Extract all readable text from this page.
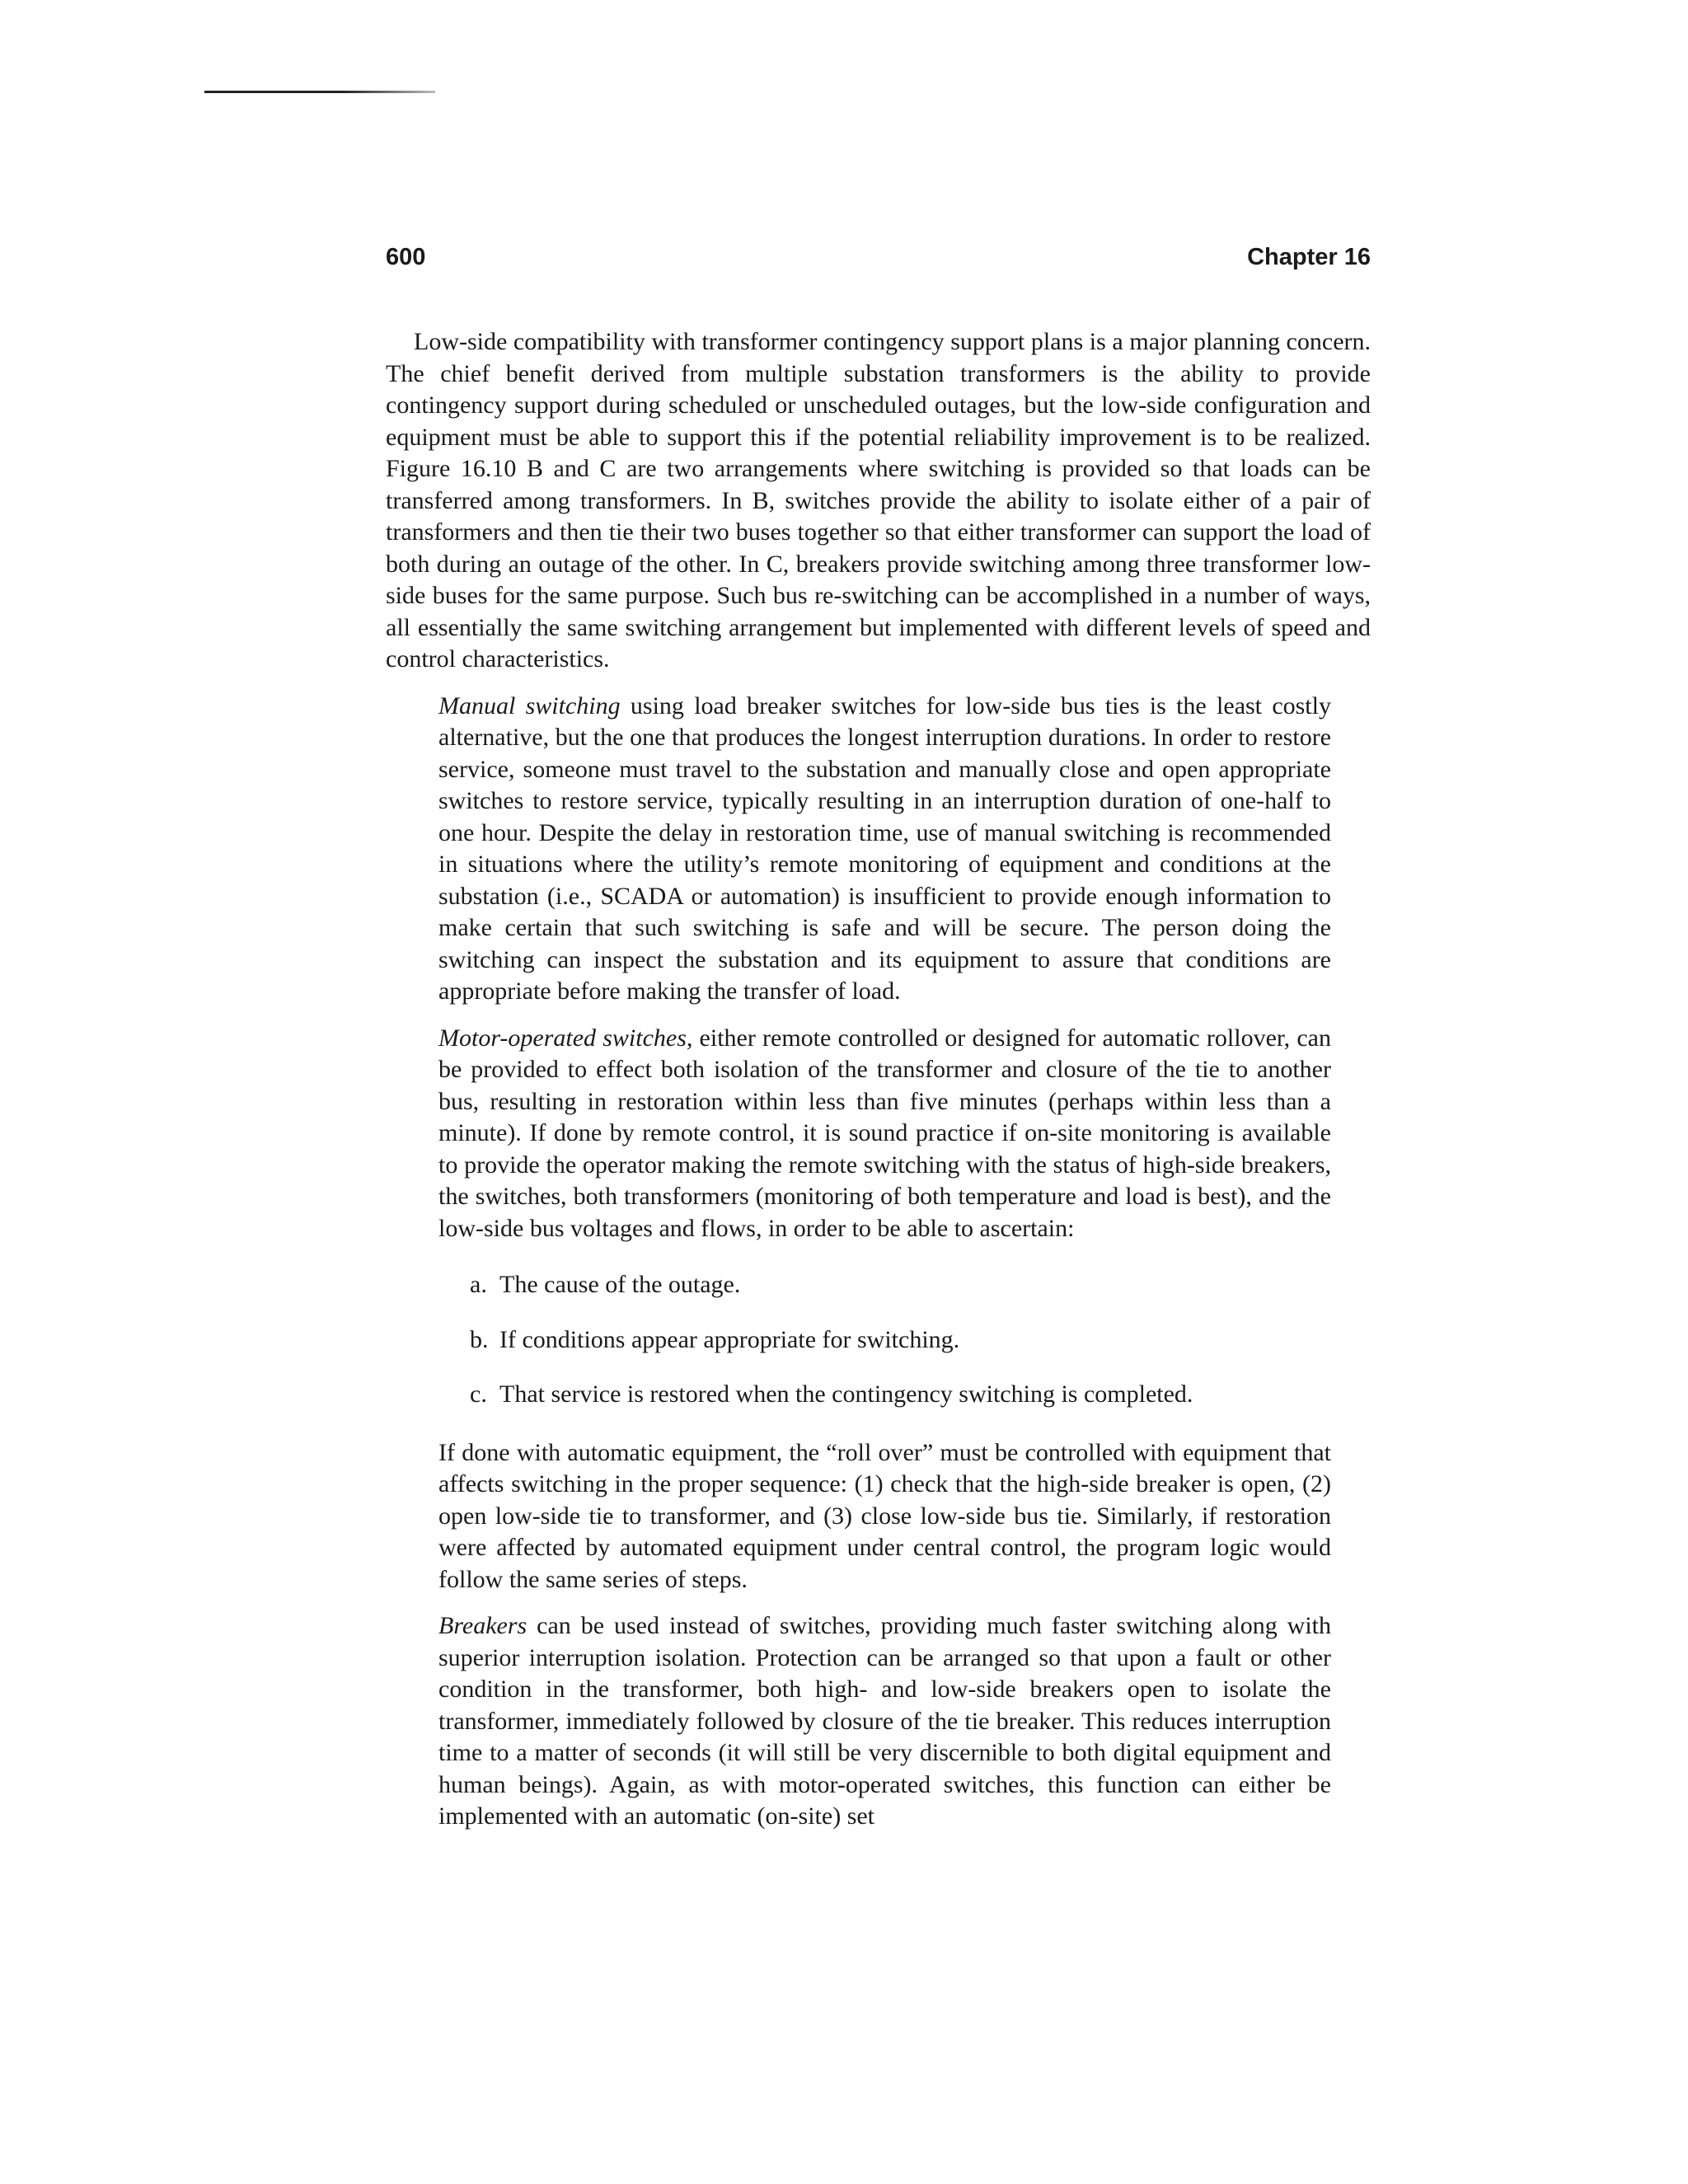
600	Chapter 16

Low-side compatibility with transformer contingency support plans is a major planning concern. The chief benefit derived from multiple substation transformers is the ability to provide contingency support during scheduled or unscheduled outages, but the low-side configuration and equipment must be able to support this if the potential reliability improvement is to be realized. Figure 16.10 B and C are two arrangements where switching is provided so that loads can be transferred among transformers. In B, switches provide the ability to isolate either of a pair of transformers and then tie their two buses together so that either transformer can support the load of both during an outage of the other. In C, breakers provide switching among three transformer low-side buses for the same purpose. Such bus re-switching can be accomplished in a number of ways, all essentially the same switching arrangement but implemented with different levels of speed and control characteristics.

Manual switching using load breaker switches for low-side bus ties is the least costly alternative, but the one that produces the longest interruption durations. In order to restore service, someone must travel to the substation and manually close and open appropriate switches to restore service, typically resulting in an interruption duration of one-half to one hour. Despite the delay in restoration time, use of manual switching is recommended in situations where the utility’s remote monitoring of equipment and conditions at the substation (i.e., SCADA or automation) is insufficient to provide enough information to make certain that such switching is safe and will be secure. The person doing the switching can inspect the substation and its equipment to assure that conditions are appropriate before making the transfer of load.

Motor-operated switches, either remote controlled or designed for automatic rollover, can be provided to effect both isolation of the transformer and closure of the tie to another bus, resulting in restoration within less than five minutes (perhaps within less than a minute). If done by remote control, it is sound practice if on-site monitoring is available to provide the operator making the remote switching with the status of high-side breakers, the switches, both transformers (monitoring of both temperature and load is best), and the low-side bus voltages and flows, in order to be able to ascertain:

a. The cause of the outage.
b. If conditions appear appropriate for switching.
c. That service is restored when the contingency switching is completed.

If done with automatic equipment, the “roll over” must be controlled with equipment that affects switching in the proper sequence: (1) check that the high-side breaker is open, (2) open low-side tie to transformer, and (3) close low-side bus tie. Similarly, if restoration were affected by automated equipment under central control, the program logic would follow the same series of steps.

Breakers can be used instead of switches, providing much faster switching along with superior interruption isolation. Protection can be arranged so that upon a fault or other condition in the transformer, both high- and low-side breakers open to isolate the transformer, immediately followed by closure of the tie breaker. This reduces interruption time to a matter of seconds (it will still be very discernible to both digital equipment and human beings). Again, as with motor-operated switches, this function can either be implemented with an automatic (on-site) set
